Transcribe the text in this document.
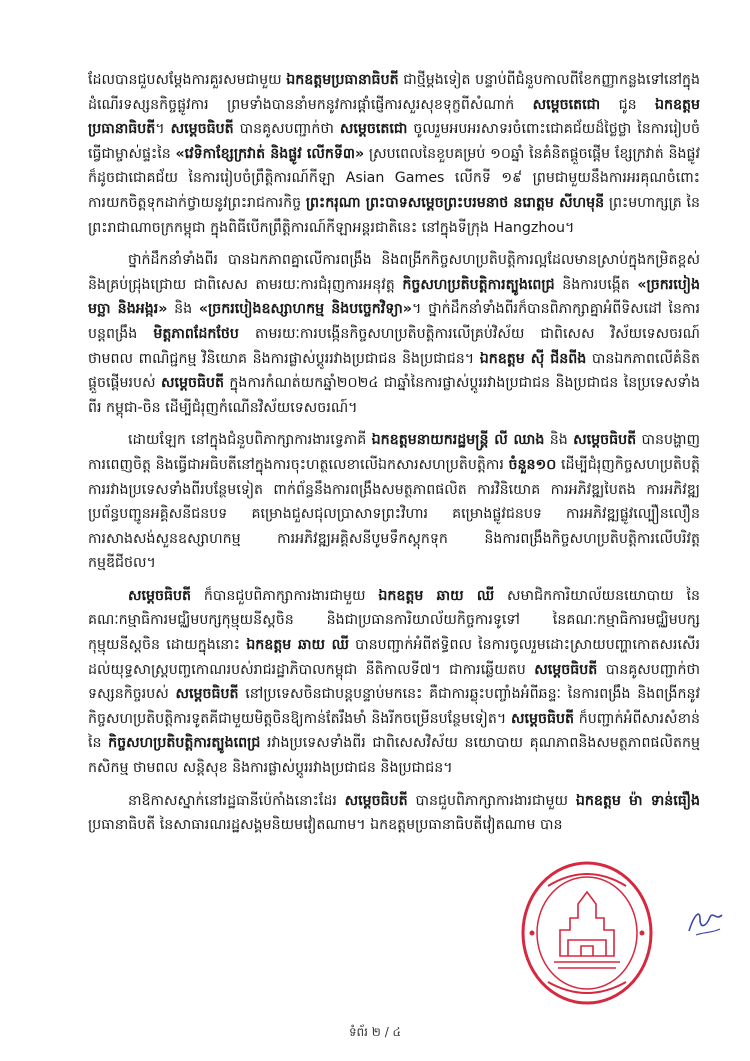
ដែលបានជួបសម្តែងការគួរសមជាមួយ ឯកឧត្តមប្រធានាធិបតី ជាថ្មីម្តងទៀត បន្ទាប់ពីជំនួបកាលពីខែកញ្ញាកន្លងទៅនៅក្នុងដំណើរទស្សនកិច្ចផ្លូវការ ព្រមទាំងបាននាំមកនូវការផ្តាំផ្ញើការសួរសុខទុក្ខពីសំណាក់ សម្តេចតេជោ ជូន ឯកឧត្តមប្រធានាធិបតី។ សម្តេចធិបតី បានគូសបញ្ជាក់ថា សម្តេចតេជោ ចូលរួមអបអរសាទរចំពោះជោគជ័យដ៏ថ្លៃថ្លា នៃការរៀបចំធ្វើជាម្ចាស់ផ្ទះនៃ «វេទិកាខ្សែក្រវាត់ និងផ្លូវ លើកទី៣» ស្របពេលនៃខួបគម្រប់ ១០ឆ្នាំ នៃគំនិតផ្តួចផ្តើម ខ្សែក្រវាត់ និងផ្លូវ ក៏ដូចជាជោគជ័យ នៃការរៀបចំព្រឹត្តិការណ៍កីឡា Asian Games លើកទី ១៩ ព្រមជាមួយនឹងការអរគុណចំពោះការយកចិត្តទុកដាក់ថ្វាយនូវព្រះរាជការកិច្ច ព្រះករុណា ព្រះបាទសម្តេចព្រះបរមនាថ នរោត្តម សីហមុនី ព្រះមហាក្សត្រ នៃព្រះរាជាណាចក្រកម្ពុជា ក្នុងពិធីបើកព្រឹត្តិការណ៍កីឡាអន្តរជាតិនេះ នៅក្នុងទីក្រុង Hangzhou។

ថ្នាក់ដឹកនាំទាំងពីរ បានឯកភាពគ្នាលើការពង្រឹង និងពង្រីកកិច្ចសហប្រតិបត្តិការល្អដែលមានស្រាប់ក្នុងកម្រិតខ្ពស់ និងគ្រប់ជ្រុងជ្រោយ ជាពិសេស តាមរយៈការជំរុញការអនុវត្ត កិច្ចសហប្រតិបត្តិការត្បូងពេជ្រ និងការបង្កើត «ច្រករបៀងមច្ឆា និងអង្ករ» និង «ច្រករបៀងឧស្សាហកម្ម និងបច្ចេកវិទ្យា»។ ថ្នាក់ដឹកនាំទាំងពីរក៏បានពិភាក្សាគ្នាអំពីទិសដៅ នៃការបន្តពង្រឹង មិត្តភាពដែកថែប តាមរយៈការបង្កើនកិច្ចសហប្រតិបត្តិការលើគ្រប់វិស័យ ជាពិសេស វិស័យទេសចរណ៍ ថាមពល ពាណិជ្ជកម្ម វិនិយោគ និងការផ្លាស់ប្តូររវាងប្រជាជន និងប្រជាជន។ ឯកឧត្តម ស៊ី ជីនពីង បានឯកភាពលើគំនិតផ្តួចផ្តើមរបស់ សម្តេចធិបតី ក្នុងការកំណត់យកឆ្នាំ២០២៤ ជាឆ្នាំនៃការផ្លាស់ប្តូររវាងប្រជាជន និងប្រជាជន នៃប្រទេសទាំងពីរ កម្ពុជា-ចិន ដើម្បីជំរុញកំណើនវិស័យទេសចរណ៍។

ដោយឡែក នៅក្នុងជំនួបពិភាក្សាការងារទ្វេភាគី ឯកឧត្តមនាយករដ្ឋមន្ត្រី លី ឈាង និង សម្តេចធិបតី បានបង្ហាញការពេញចិត្ត និងធ្វើជាអធិបតីនៅក្នុងការចុះហត្ថលេខាលើឯកសារសហប្រតិបត្តិការ ចំនួន១០ ដើម្បីជំរុញកិច្ចសហប្រតិបត្តិការរវាងប្រទេសទាំងពីរបន្ថែមទៀត ពាក់ព័ន្ធនឹងការពង្រឹងសមត្ថភាពផលិត ការវិនិយោគ ការអភិវឌ្ឍបៃតង ការអភិវឌ្ឍប្រព័ន្ធបញ្ជូនអគ្គិសនីជនបទ គម្រោងជួសជុលប្រាសាទព្រះវិហារ គម្រោងផ្លូវជនបទ ការអភិវឌ្ឍផ្លូវល្បឿនលឿន ការសាងសង់សួនឧស្សាហកម្ម ការអភិវឌ្ឍអគ្គិសនីបូមទឹកស្តុកទុក និងការពង្រឹងកិច្ចសហប្រតិបត្តិការលើបរិវត្តកម្មឌីជីថល។

សម្តេចធិបតី ក៏បានជួបពិភាក្សាការងារជាមួយ ឯកឧត្តម ឆាយ ឈី សមាជិកការិយាល័យនយោបាយ នៃគណៈកម្មាធិការមជ្ឈិមបក្សកុម្មុយនីស្តចិន និងជាប្រធានការិយាល័យកិច្ចការទូទៅ នៃគណៈកម្មាធិការមជ្ឈិមបក្សកុម្មុយនីស្តចិន ដោយក្នុងនោះ ឯកឧត្តម ឆាយ ឈី បានបញ្ជាក់អំពីឥទ្ធិពល នៃការចូលរួមដោះស្រាយបញ្ហាកោតសរសើរដល់យុទ្ធសាស្ត្របញ្ចកោណរបស់រាជរដ្ឋាភិបាលកម្ពុជា នីតិកាលទី៧។ ជាការឆ្លើយតប សម្តេចធិបតី បានគូសបញ្ជាក់ថា ទស្សនកិច្ចរបស់ សម្តេចធិបតី នៅប្រទេសចិនជាបន្តបន្ទាប់មកនេះ គឺជាការឆ្លុះបញ្ចាំងអំពីឆន្ទៈ នៃការពង្រឹង និងពង្រីកនូវកិច្ចសហប្រតិបត្តិការទូតគីជាមួយមិត្តចិនឱ្យកាន់តែរឹងមាំ និងរីកចម្រើនបន្ថែមទៀត។ សម្តេចធិបតី ក៏បញ្ជាក់អំពីសារសំខាន់នៃ កិច្ចសហប្រតិបត្តិការត្បូងពេជ្រ រវាងប្រទេសទាំងពីរ ជាពិសេសវិស័យ នយោបាយ គុណភាពនិងសមត្ថភាពផលិតកម្ម កសិកម្ម ថាមពល សន្តិសុខ និងការផ្លាស់ប្តូររវាងប្រជាជន និងប្រជាជន។

នាឱកាសស្នាក់នៅរដ្ឋធានីប៉េកាំងនោះដែរ សម្តេចធិបតី បានជួបពិភាក្សាការងារជាមួយ ឯកឧត្តម ម៉ា ទាន់ធឿង ប្រធានាធិបតី នៃសាធារណរដ្ឋសង្គមនិយមវៀតណាម។ ឯកឧត្តមប្រធានាធិបតីវៀតណាម បាន

ទំព័រ ២ / ៤
